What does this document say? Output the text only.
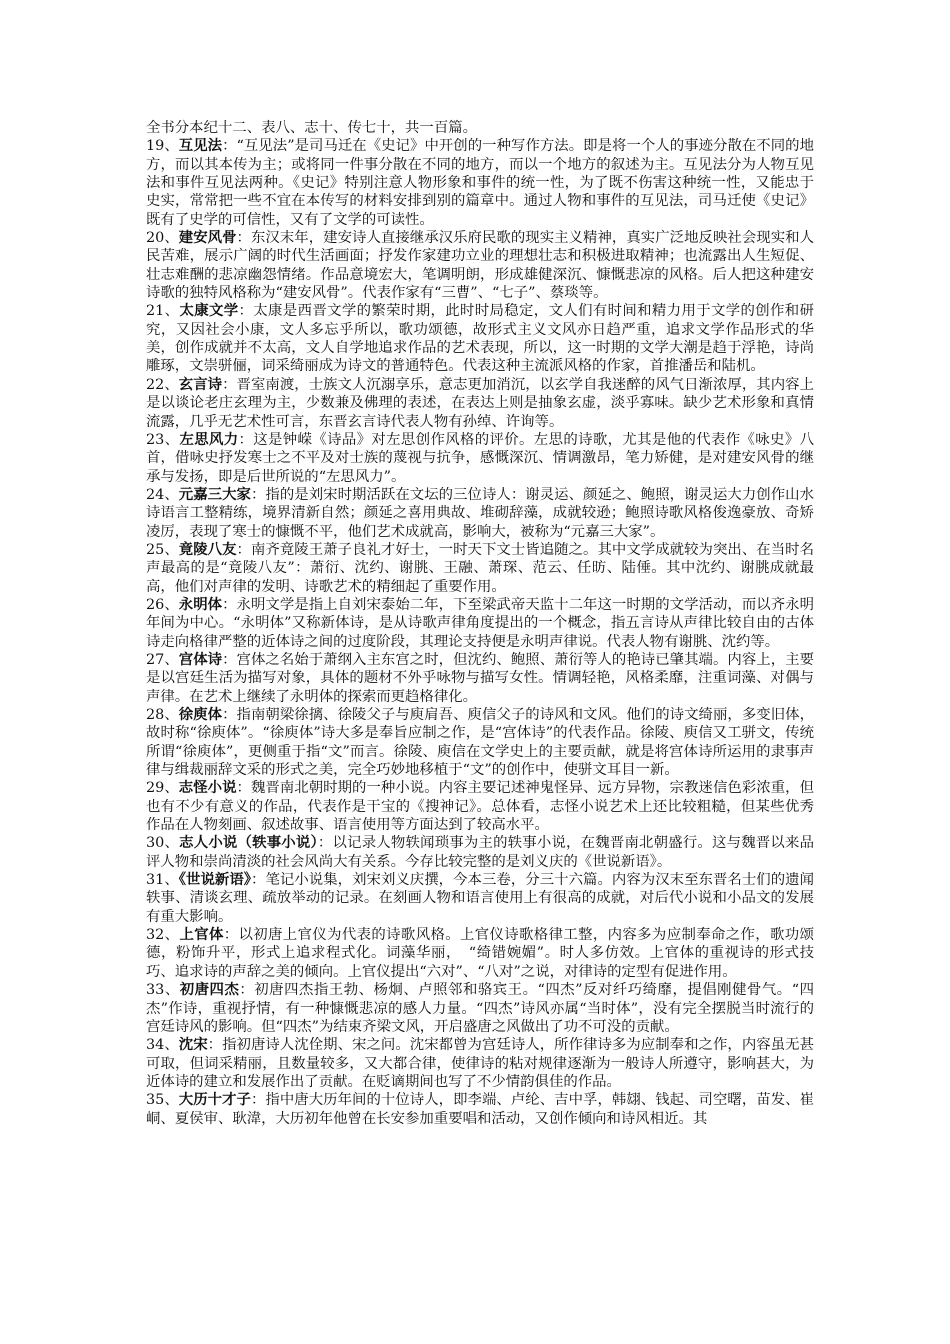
全书分本纪十二、表八、志十、传七十，共一百篇。

19、互见法：“互见法”是司马迁在《史记》中开创的一种写作方法。即是将一个人的事迹分散在不同的地方，而以其本传为主；或将同一件事分散在不同的地方，而以一个地方的叙述为主。互见法分为人物互见法和事件互见法两种。《史记》特别注意人物形象和事件的统一性，为了既不伤害这种统一性，又能忠于史实，常常把一些不宜在本传写的材料安排到别的篇章中。通过人物和事件的互见法，司马迁使《史记》既有了史学的可信性，又有了文学的可读性。

20、建安风骨：东汉末年，建安诗人直接继承汉乐府民歌的现实主义精神，真实广泛地反映社会现实和人民苦难，展示广阔的时代生活画面；抒发作家建功立业的理想壮志和积极进取精神；也流露出人生短促、壮志难酬的悲凉幽怨情绪。作品意境宏大，笔调明朗，形成雄健深沉、慷慨悲凉的风格。后人把这种建安诗歌的独特风格称为“建安风骨”。代表作家有“三曹”、“七子”、蔡琰等。

21、太康文学：太康是西晋文学的繁荣时期，此时时局稳定，文人们有时间和精力用于文学的创作和研究，又因社会小康，文人多忘乎所以，歌功颂德，故形式主义文风亦日趋严重，追求文学作品形式的华美，创作成就并不太高，文人自学地追求作品的艺术表现，所以，这一时期的文学大潮是趋于浮艳，诗尚雕琢，文崇骈俪，词采绮丽成为诗文的普通特色。代表这种主流派风格的作家，首推潘岳和陆机。

22、玄言诗：晋室南渡，士族文人沉溺享乐，意志更加消沉，以玄学自我迷醉的风气日渐浓厚，其内容上是以谈论老庄玄理为主，少数兼及佛理的表述，在表达上则是抽象玄虚，淡乎寡味。缺少艺术形象和真情流露，几乎无艺术性可言，东晋玄言诗代表人物有孙绰、许询等。

23、左思风力：这是钟嵘《诗品》对左思创作风格的评价。左思的诗歌，尤其是他的代表作《咏史》八首，借咏史抒发寒士之不平及对士族的蔑视与抗争，感慨深沉、情调激昂，笔力矫健，是对建安风骨的继承与发扬，即是后世所说的“左思风力”。

24、元嘉三大家：指的是刘宋时期活跃在文坛的三位诗人：谢灵运、颜延之、鲍照，谢灵运大力创作山水诗语言工整精练，境界清新自然；颜延之喜用典故、堆砌辞藻，成就较逊；鲍照诗歌风格俊逸豪放、奇矫凌厉，表现了寒士的慷慨不平，他们艺术成就高，影响大，被称为“元嘉三大家”。

25、竟陵八友：南齐竟陵王萧子良礼才好士，一时天下文士皆追随之。其中文学成就较为突出、在当时名声最高的是“竟陵八友”：萧衍、沈约、谢朓、王融、萧琛、范云、任昉、陆倕。其中沈约、谢朓成就最高，他们对声律的发明、诗歌艺术的精细起了重要作用。

26、永明体：永明文学是指上自刘宋泰始二年，下至梁武帝天监十二年这一时期的文学活动，而以齐永明年间为中心。“永明体”又称新体诗，是从诗歌声律角度提出的一个概念，指五言诗从声律比较自由的古体诗走向格律严整的近体诗之间的过度阶段，其理论支持便是永明声律说。代表人物有谢朓、沈约等。

27、宫体诗：宫体之名始于萧纲入主东宫之时，但沈约、鲍照、萧衍等人的艳诗已肇其端。内容上，主要是以宫廷生活为描写对象，具体的题材不外乎咏物与描写女性。情调轻艳，风格柔靡，注重词藻、对偶与声律。在艺术上继续了永明体的探索而更趋格律化。

28、徐庾体：指南朝梁徐摛、徐陵父子与庾肩吾、庾信父子的诗风和文风。他们的诗文绮丽，多变旧体，故时称“徐庾体”。“徐庾体”诗大多是奉旨应制之作，是“宫体诗”的代表作品。徐陵、庾信又工骈文，传统所谓“徐庾体”，更侧重于指“文”而言。徐陵、庾信在文学史上的主要贡献，就是将宫体诗所运用的隶事声律与缉裁丽辞文采的形式之美，完全巧妙地移植于“文”的创作中，使骈文耳目一新。

29、志怪小说：魏晋南北朝时期的一种小说。内容主要记述神鬼怪异、远方异物，宗教迷信色彩浓重，但也有不少有意义的作品，代表作是干宝的《搜神记》。总体看，志怪小说艺术上还比较粗糙，但某些优秀作品在人物刻画、叙述故事、语言使用等方面达到了较高水平。

30、志人小说（轶事小说）：以记录人物轶闻琐事为主的轶事小说，在魏晋南北朝盛行。这与魏晋以来品评人物和崇尚清淡的社会风尚大有关系。今存比较完整的是刘义庆的《世说新语》。

31、《世说新语》：笔记小说集，刘宋刘义庆撰，今本三卷，分三十六篇。内容为汉末至东晋名士们的遗闻轶事、清谈玄理、疏放举动的记录。在刻画人物和语言使用上有很高的成就，对后代小说和小品文的发展有重大影响。

32、上官体：以初唐上官仪为代表的诗歌风格。上官仪诗歌格律工整，内容多为应制奉命之作，歌功颂德，粉饰升平，形式上追求程式化。词藻华丽，　“绮错婉媚”。时人多仿效。上官体的重视诗的形式技巧、追求诗的声辞之美的倾向。上官仪提出“六对”、“八对”之说，对律诗的定型有促进作用。

33、初唐四杰：初唐四杰指王勃、杨炯、卢照邻和骆宾王。“四杰”反对纤巧绮靡，提倡刚健骨气。“四杰”作诗，重视抒情，有一种慷慨悲凉的感人力量。“四杰”诗风亦属“当时体”，没有完全摆脱当时流行的宫廷诗风的影响。但“四杰”为结束齐梁文风，开启盛唐之风做出了功不可没的贡献。

34、沈宋：指初唐诗人沈佺期、宋之问。沈宋都曾为宫廷诗人，所作律诗多为应制奉和之作，内容虽无甚可取，但词采精丽，且数量较多，又大都合律，使律诗的粘对规律逐渐为一般诗人所遵守，影响甚大，为近体诗的建立和发展作出了贡献。在贬谪期间也写了不少情韵俱佳的作品。

35、大历十才子：指中唐大历年间的十位诗人，即李端、卢纶、吉中孚，韩翃、钱起、司空曙，苗发、崔峒、夏侯审、耿湋，大历初年他曾在长安参加重要唱和活动，又创作倾向和诗风相近。其
